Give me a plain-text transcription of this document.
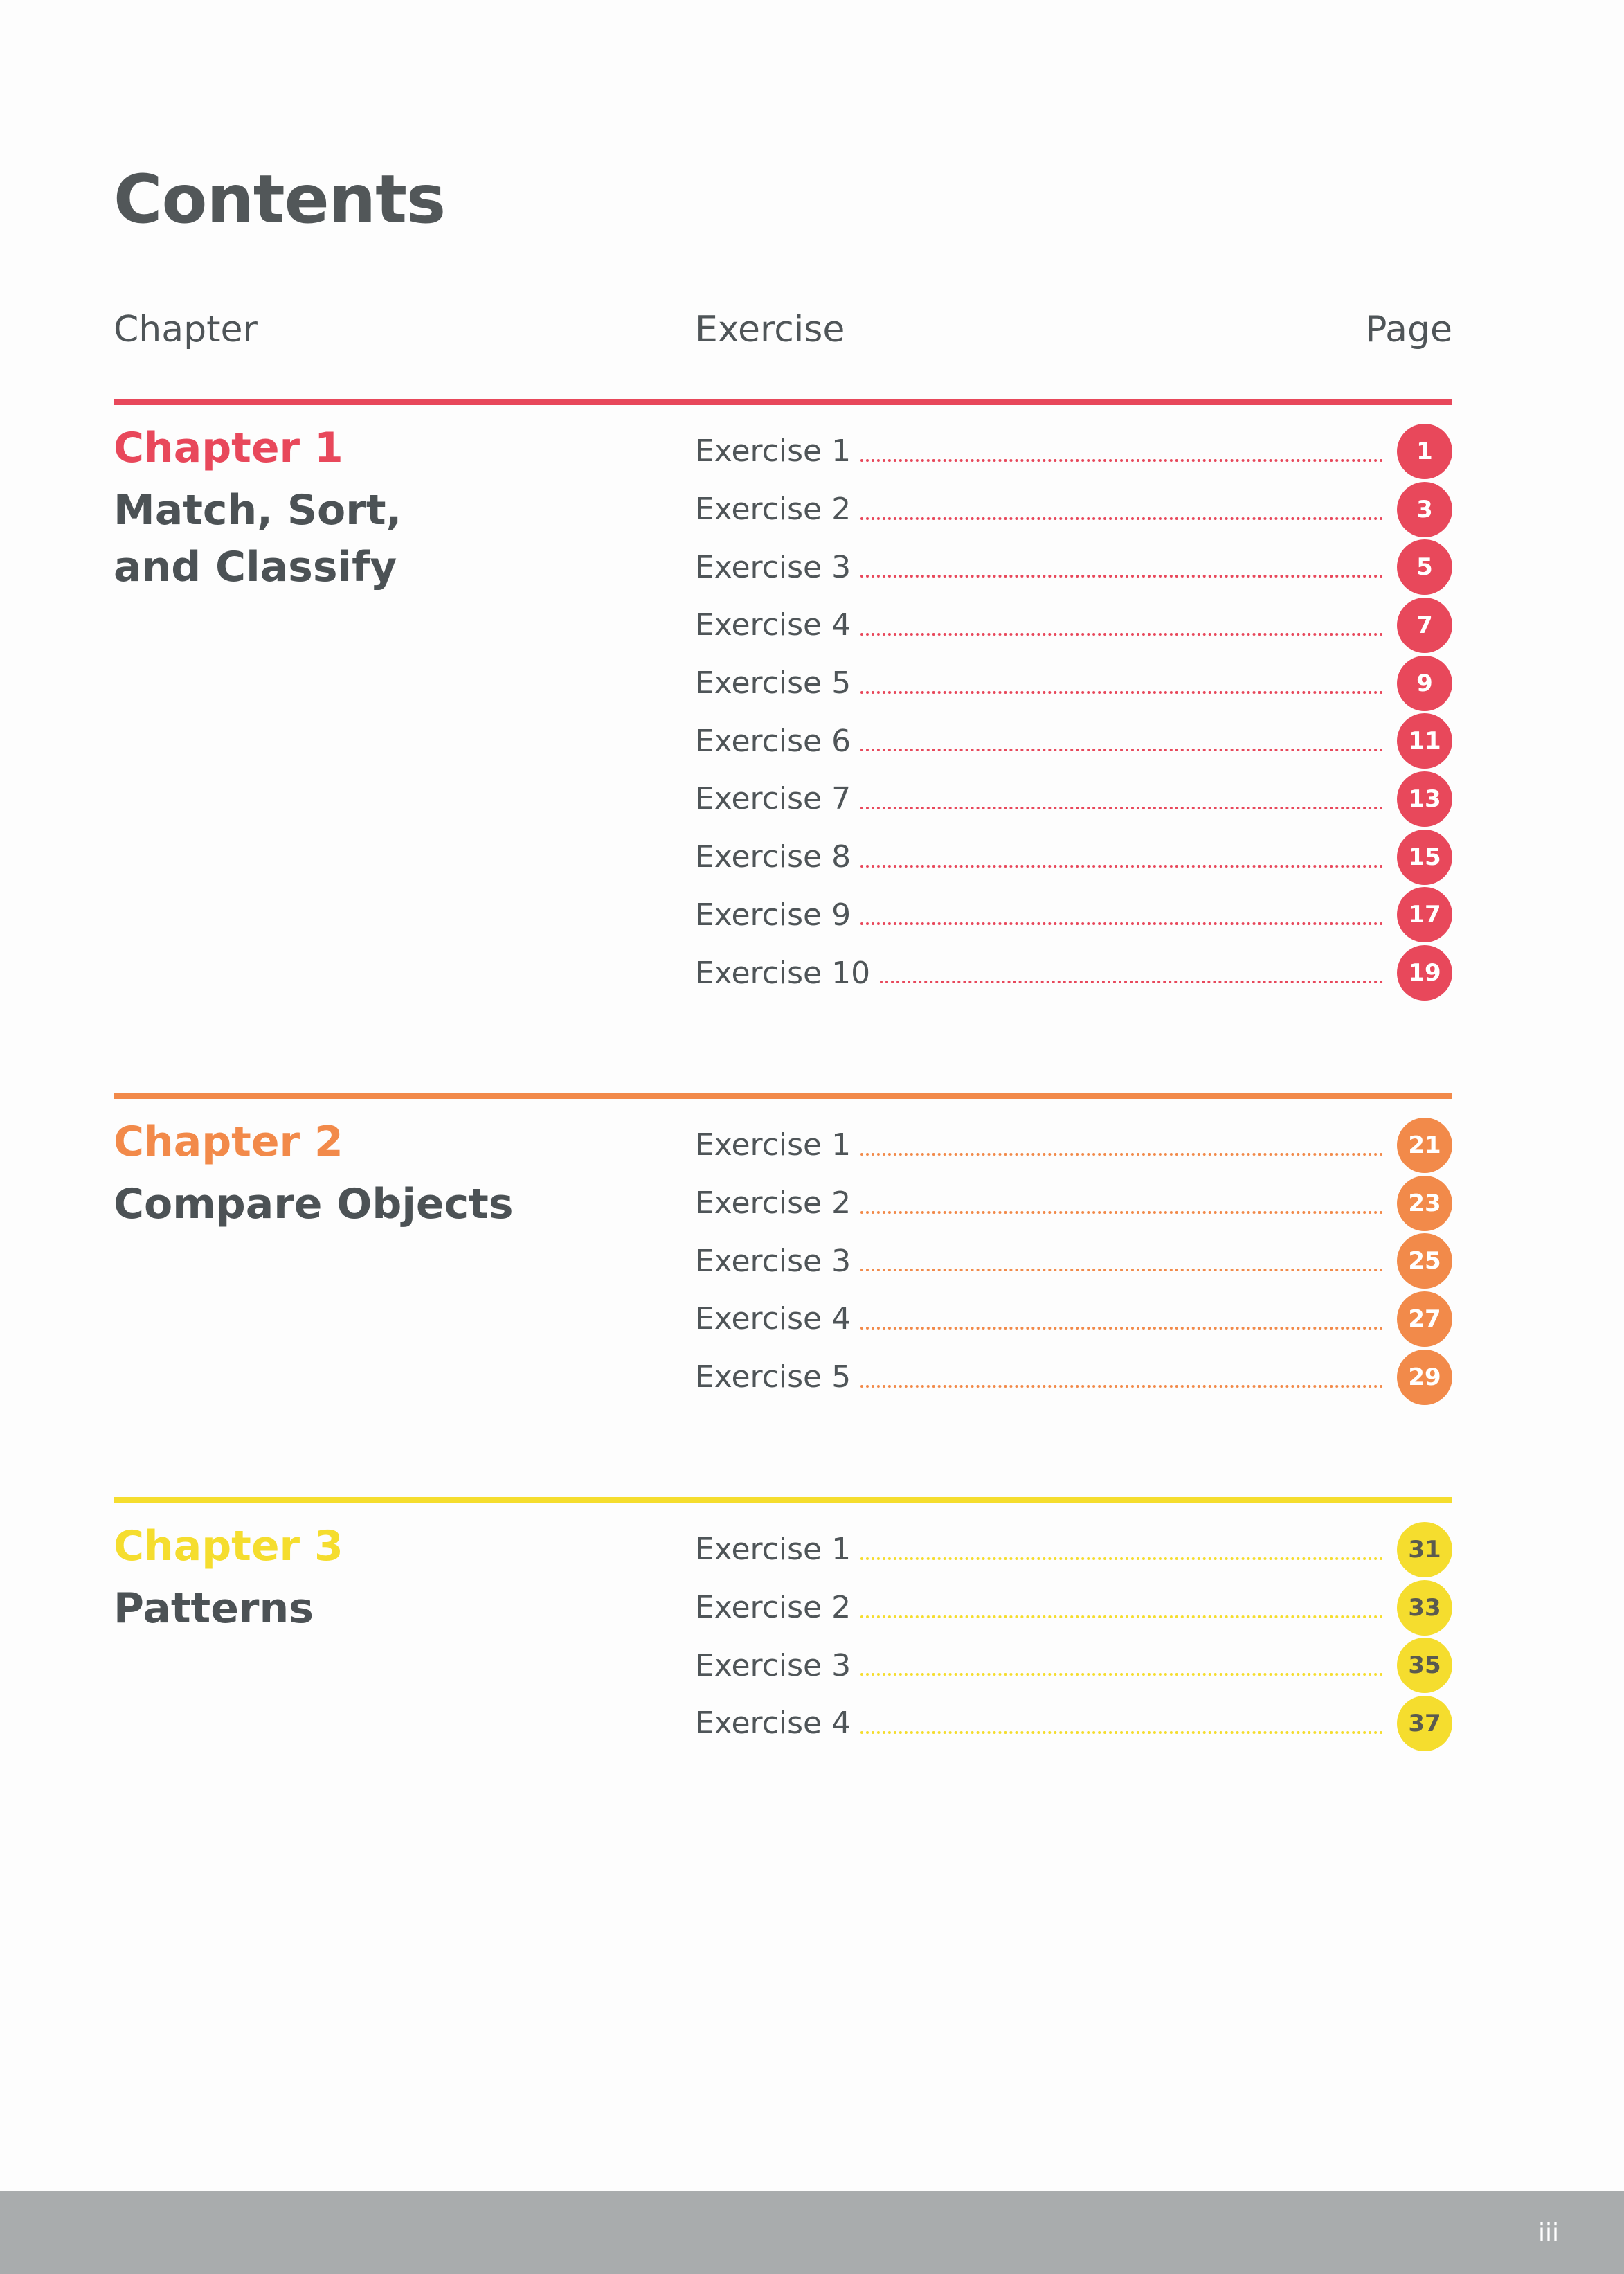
Contents
Chapter	Exercise	Page
Chapter 1
Match, Sort,
and Classify
Exercise 1	1
Exercise 2	3
Exercise 3	5
Exercise 4	7
Exercise 5	9
Exercise 6	11
Exercise 7	13
Exercise 8	15
Exercise 9	17
Exercise 10	19
Chapter 2
Compare Objects
Exercise 1	21
Exercise 2	23
Exercise 3	25
Exercise 4	27
Exercise 5	29
Chapter 3
Patterns
Exercise 1	31
Exercise 2	33
Exercise 3	35
Exercise 4	37
iii
